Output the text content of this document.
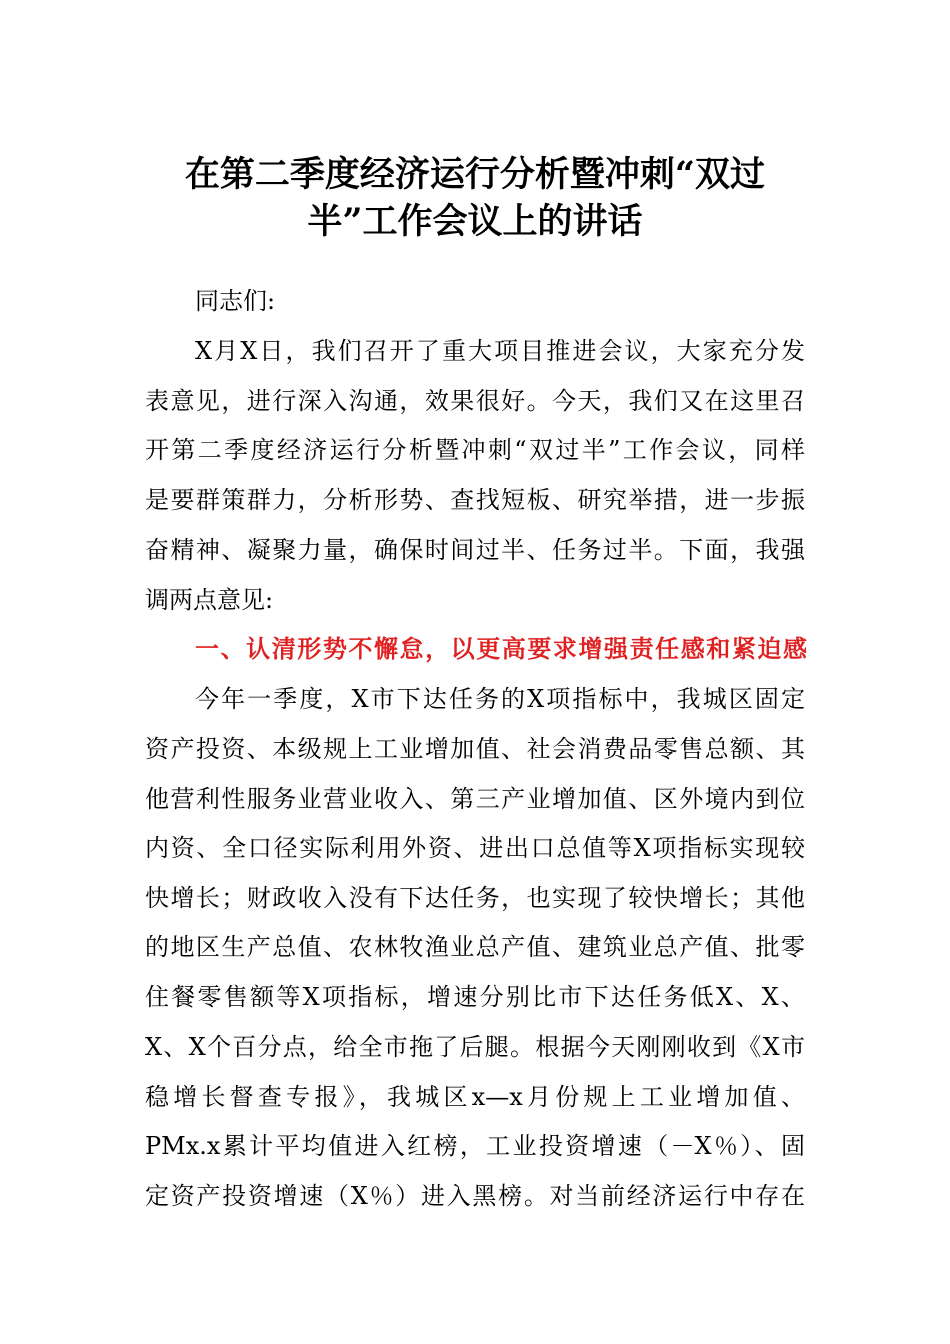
在第二季度经济运行分析暨冲刺“双过
半”工作会议上的讲话
同志们:
X月X日，我们召开了重大项目推进会议，大家充分发
表意见，进行深入沟通，效果很好。今天，我们又在这里召
开第二季度经济运行分析暨冲刺“双过半”工作会议，同样
是要群策群力，分析形势、查找短板、研究举措，进一步振
奋精神、凝聚力量，确保时间过半、任务过半。下面，我强
调两点意见:
一、认清形势不懈怠，以更高要求增强责任感和紧迫感
今年一季度，X市下达任务的X项指标中，我城区固定
资产投资、本级规上工业增加值、社会消费品零售总额、其
他营利性服务业营业收入、第三产业增加值、区外境内到位
内资、全口径实际利用外资、进出口总值等X项指标实现较
快增长；财政收入没有下达任务，也实现了较快增长；其他
的地区生产总值、农林牧渔业总产值、建筑业总产值、批零
住餐零售额等X项指标，增速分别比市下达任务低X、X、
X、X个百分点，给全市拖了后腿。根据今天刚刚收到《X市
稳增长督查专报》，我城区x—x月份规上工业增加值、
PMx.x累计平均值进入红榜，工业投资增速（－X％）、固
定资产投资增速（X％）进入黑榜。对当前经济运行中存在
